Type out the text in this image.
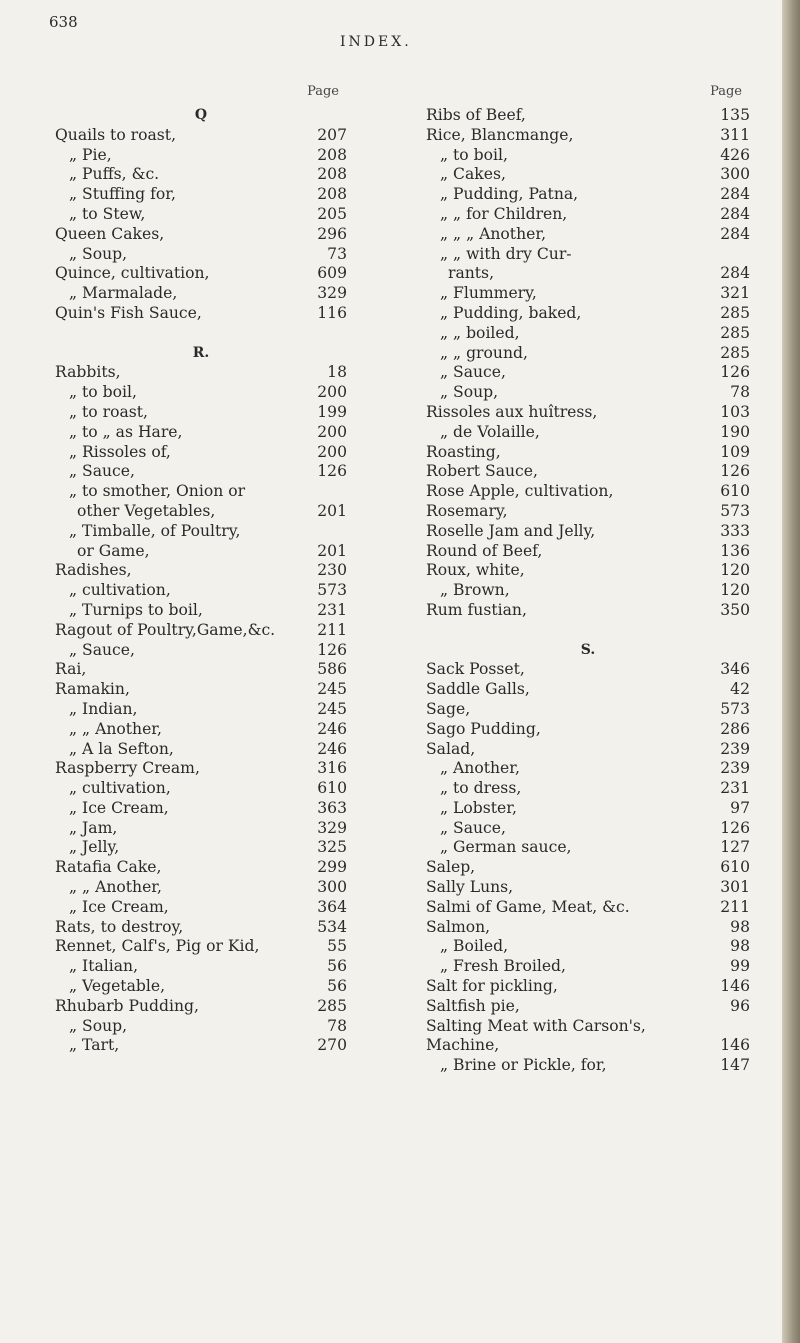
638
INDEX.
Page
Q
Quails to roast,	207
„ Pie,	208
„ Puffs, &c.	208
„ Stuffing for,	208
„ to Stew,	205
Queen Cakes,	296
„ Soup,	73
Quince, cultivation,	609
„ Marmalade,	329
Quin's Fish Sauce,	116
R.
Rabbits,	18
„ to boil,	200
„ to roast,	199
„ to „ as Hare,	200
„ Rissoles of,	200
„ Sauce,	126
„ to smother, Onion or
other Vegetables,	201
„ Timballe, of Poultry,
or Game,	201
Radishes,	230
„ cultivation,	573
„ Turnips to boil,	231
Ragout of Poultry,Game,&c.	211
„ Sauce,	126
Rai,	586
Ramakin,	245
„ Indian,	245
„ „ Another,	246
„ A la Sefton,	246
Raspberry Cream,	316
„ cultivation,	610
„ Ice Cream,	363
„ Jam,	329
„ Jelly,	325
Ratafia Cake,	299
„ „ Another,	300
„ Ice Cream,	364
Rats, to destroy,	534
Rennet, Calf's, Pig or Kid,	55
„ Italian,	56
„ Vegetable,	56
Rhubarb Pudding,	285
„ Soup,	78
„ Tart,	270
Page
Ribs of Beef,	135
Rice, Blancmange,	311
„ to boil,	426
„ Cakes,	300
„ Pudding, Patna,	284
„ „ for Children,	284
„ „ „ Another,	284
„ „ with dry Cur-
rants,	284
„ Flummery,	321
„ Pudding, baked,	285
„ „ boiled,	285
„ „ ground,	285
„ Sauce,	126
„ Soup,	78
Rissoles aux huîtress,	103
„ de Volaille,	190
Roasting,	109
Robert Sauce,	126
Rose Apple, cultivation,	610
Rosemary,	573
Roselle Jam and Jelly,	333
Round of Beef,	136
Roux, white,	120
„ Brown,	120
Rum fustian,	350
S.
Sack Posset,	346
Saddle Galls,	42
Sage,	573
Sago Pudding,	286
Salad,	239
„ Another,	239
„ to dress,	231
„ Lobster,	97
„ Sauce,	126
„ German sauce,	127
Salep,	610
Sally Luns,	301
Salmi of Game, Meat, &c.	211
Salmon,	98
„ Boiled,	98
„ Fresh Broiled,	99
Salt for pickling,	146
Saltfish pie,	96
Salting Meat with Carson's,
Machine,	146
„ Brine or Pickle, for,	147
